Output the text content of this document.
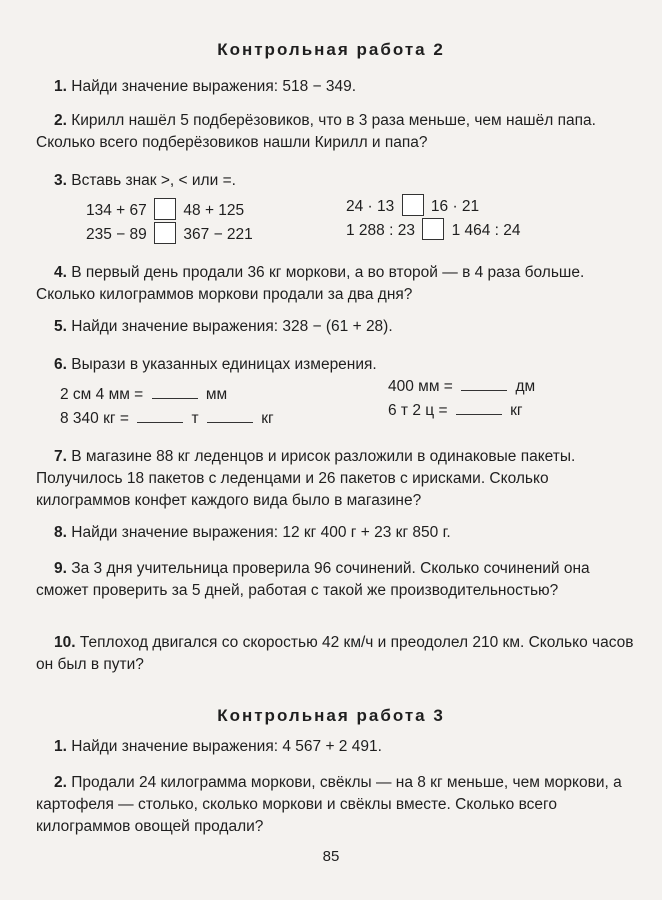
Контрольная работа 2
1. Найди значение выражения: 518 − 349.
2. Кирилл нашёл 5 подберёзовиков, что в 3 раза меньше, чем нашёл папа. Сколько всего подберёзовиков нашли Кирилл и папа?
3. Вставь знак >, < или =.
134 + 67 48 + 125	24 · 13 16 · 21
235 − 89 367 − 221	1 288 : 23 1 464 : 24
4. В первый день продали 36 кг моркови, а во второй — в 4 раза больше. Сколько килограммов моркови продали за два дня?
5. Найди значение выражения: 328 − (61 + 28).
6. Вырази в указанных единицах измерения.
2 см 4 мм =	мм	400 мм =	дм
8 340 кг =	т	кг	6 т 2 ц =	кг
7. В магазине 88 кг леденцов и ирисок разложили в одинаковые пакеты. Получилось 18 пакетов с леденцами и 26 пакетов с ирисками. Сколько килограммов конфет каждого вида было в магазине?
8. Найди значение выражения: 12 кг 400 г + 23 кг 850 г.
9. За 3 дня учительница проверила 96 сочинений. Сколько сочинений она сможет проверить за 5 дней, работая с такой же производительностью?
10. Теплоход двигался со скоростью 42 км/ч и преодолел 210 км. Сколько часов он был в пути?
Контрольная работа 3
1. Найди значение выражения: 4 567 + 2 491.
2. Продали 24 килограмма моркови, свёклы — на 8 кг меньше, чем моркови, а картофеля — столько, сколько моркови и свёклы вместе. Сколько всего килограммов овощей продали?
85
